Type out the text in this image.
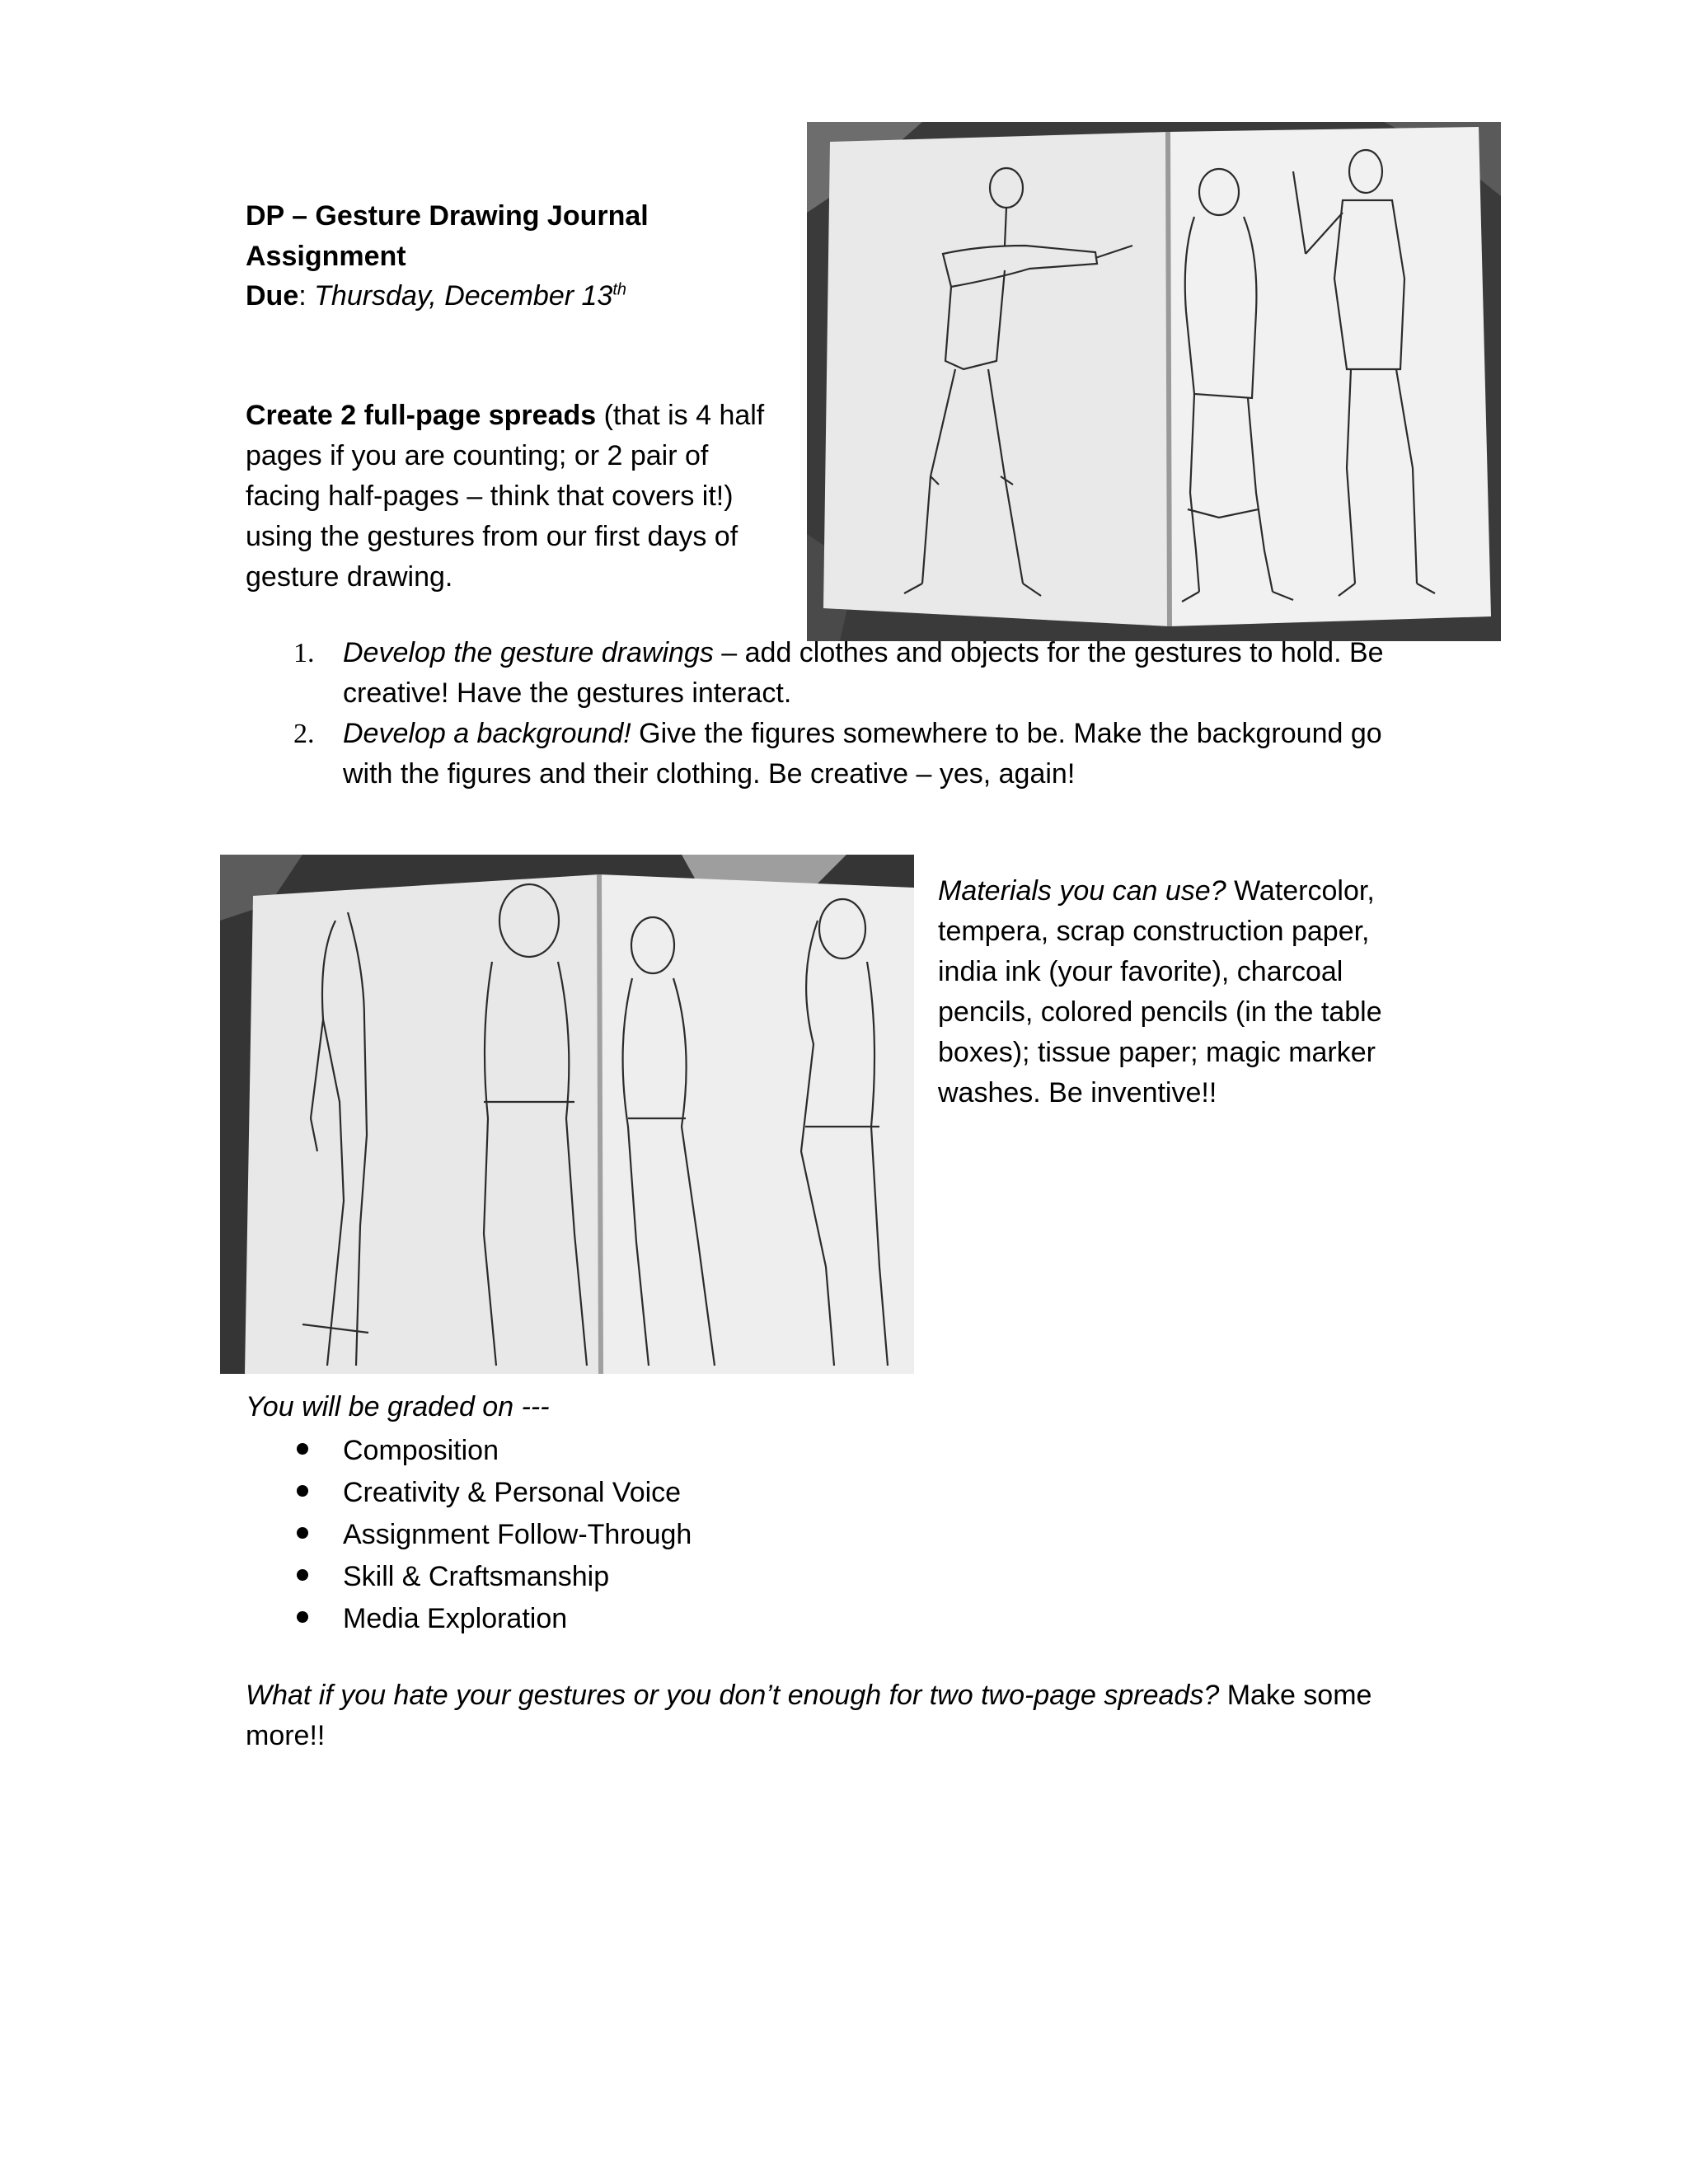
DP – Gesture Drawing Journal
Assignment
Due: Thursday, December 13th

Create 2 full-page spreads (that is 4 half pages if you are counting; or 2 pair of facing half-pages – think that covers it!) using the gestures from our first days of gesture drawing.

1. Develop the gesture drawings – add clothes and objects for the gestures to hold. Be creative! Have the gestures interact.
2. Develop a background! Give the figures somewhere to be. Make the background go with the figures and their clothing. Be creative – yes, again!

Materials you can use? Watercolor, tempera, scrap construction paper, india ink (your favorite), charcoal pencils, colored pencils (in the table boxes); tissue paper; magic marker washes. Be inventive!!

You will be graded on ---
Composition
Creativity & Personal Voice
Assignment Follow-Through
Skill & Craftsmanship
Media Exploration

What if you hate your gestures or you don’t enough for two two-page spreads? Make some more!!
